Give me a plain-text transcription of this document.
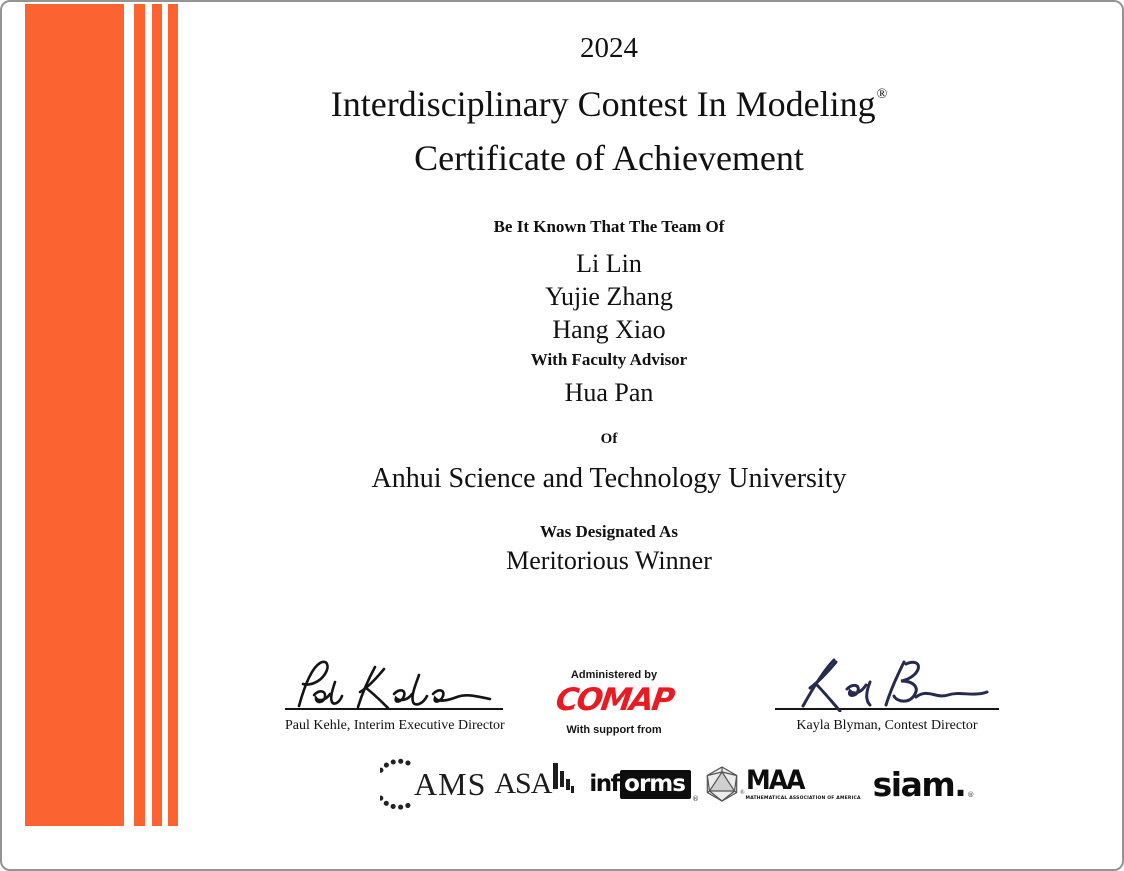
2024
Interdisciplinary Contest In Modeling®
Certificate of Achievement
Be It Known That The Team Of
Li Lin
Yujie Zhang
Hang Xiao
With Faculty Advisor
Hua Pan
Of
Anhui Science and Technology University
Was Designated As
Meritorious Winner
Paul Kehle, Interim Executive Director
Administered by
COMAP
With support from	Kayla Blyman, Contest Director
AMS ASA inf orms
®
® MAA
MATHEMATICAL ASSOCIATION OF AMERICA siam. ®
